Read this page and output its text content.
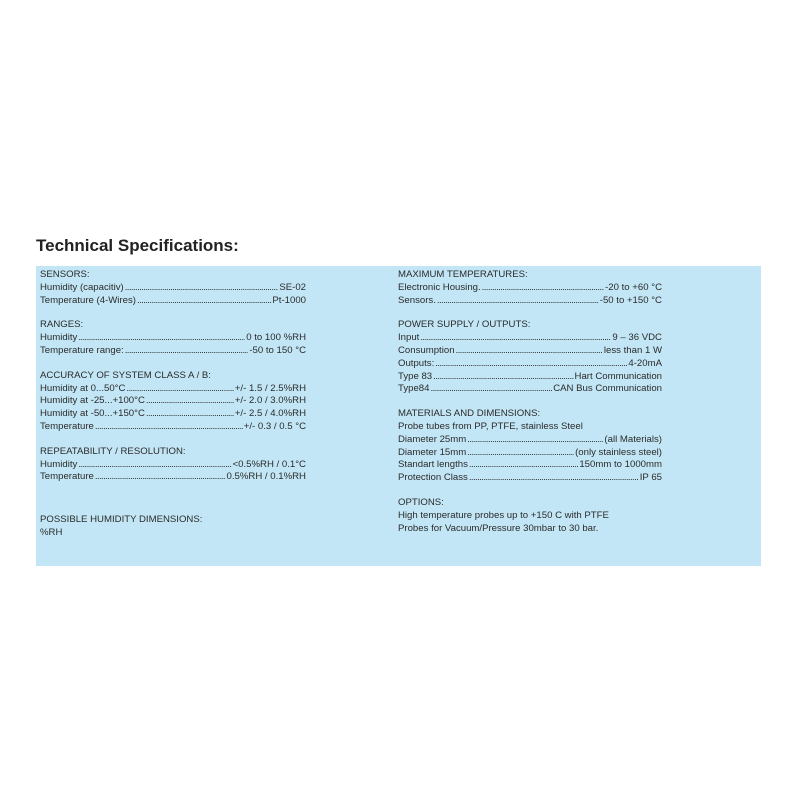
Technical Specifications:
SENSORS:
Humidity (capacitiv) .....	SE-02
Temperature (4-Wires) .....	Pt-1000
RANGES:
Humidity .....	0 to 100 %RH
Temperature range: .....	-50 to 150 °C
ACCURACY OF SYSTEM CLASS A / B:
Humidity at 0...50°C .....	+/- 1.5 / 2.5%RH
Humidity at -25...+100°C .....	+/- 2.0 / 3.0%RH
Humidity at -50...+150°C .....	+/- 2.5 / 4.0%RH
Temperature .....	+/- 0.3 / 0.5 °C
REPEATABILITY / RESOLUTION:
Humidity .....	<0.5%RH / 0.1°C
Temperature .....	0.5%RH / 0.1%RH
POSSIBLE HUMIDITY DIMENSIONS:
%RH
MAXIMUM TEMPERATURES:
Electronic Housing. .....	-20 to +60 °C
Sensors. .....	-50 to +150 °C
POWER SUPPLY / OUTPUTS:
Input .....	9 – 36 VDC
Consumption .....	less than 1 W
Outputs: .....	4-20mA
Type 83 .....	Hart Communication
Type84 .....	CAN Bus Communication
MATERIALS AND DIMENSIONS:
Probe tubes from PP, PTFE, stainless Steel
Diameter 25mm .....	(all Materials)
Diameter 15mm .....	(only stainless steel)
Standart lengths .....	150mm to 1000mm
Protection Class .....	IP 65
OPTIONS:
High temperature probes up to +150 C with PTFE
Probes for Vacuum/Pressure 30mbar to 30 bar.
